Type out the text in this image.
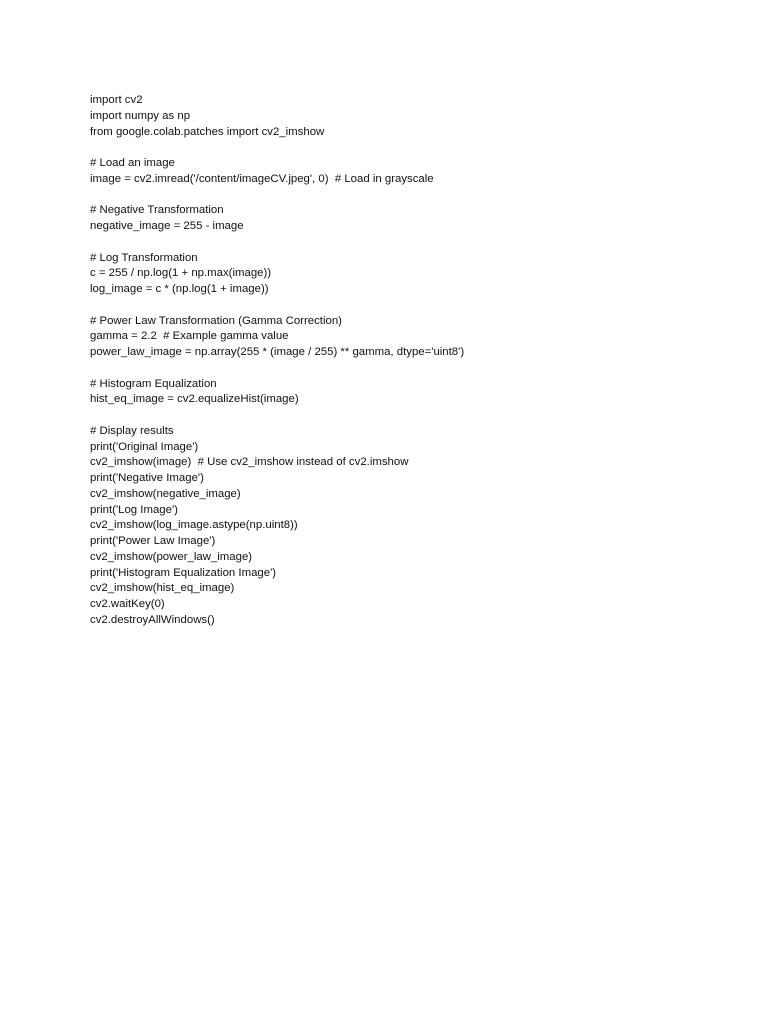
import cv2
import numpy as np
from google.colab.patches import cv2_imshow
# Load an image
image = cv2.imread('/content/imageCV.jpeg', 0)  # Load in grayscale
# Negative Transformation
negative_image = 255 - image
# Log Transformation
c = 255 / np.log(1 + np.max(image))
log_image = c * (np.log(1 + image))
# Power Law Transformation (Gamma Correction)
gamma = 2.2  # Example gamma value
power_law_image = np.array(255 * (image / 255) ** gamma, dtype='uint8')
# Histogram Equalization
hist_eq_image = cv2.equalizeHist(image)
# Display results
print('Original Image')
cv2_imshow(image)  # Use cv2_imshow instead of cv2.imshow
print('Negative Image')
cv2_imshow(negative_image)
print('Log Image')
cv2_imshow(log_image.astype(np.uint8))
print('Power Law Image')
cv2_imshow(power_law_image)
print('Histogram Equalization Image')
cv2_imshow(hist_eq_image)
cv2.waitKey(0)
cv2.destroyAllWindows()
